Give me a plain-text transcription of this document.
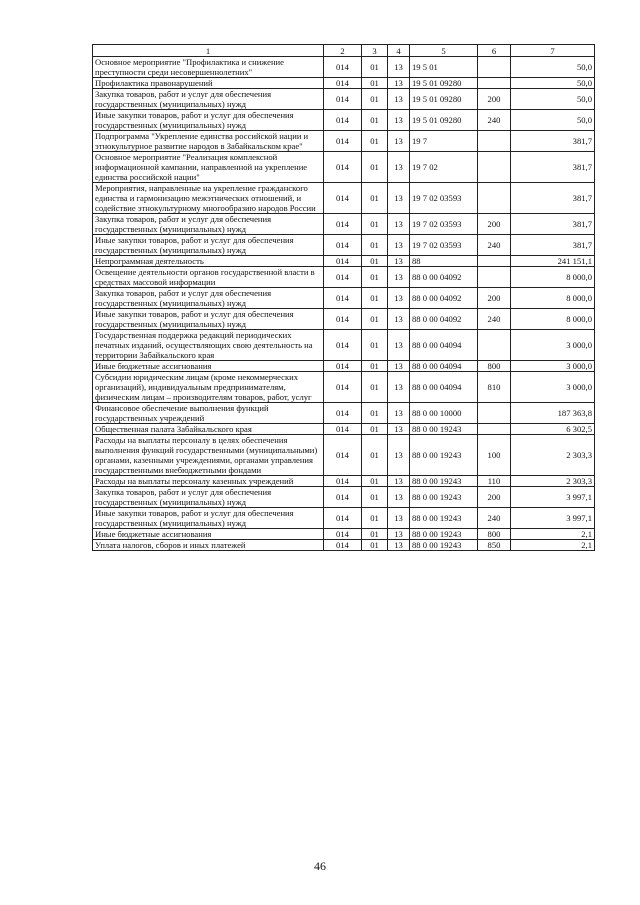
1	2	3	4	5	6	7
Основное мероприятие "Профилактика и снижение преступности среди несовершеннолетних"	014	01	13	19 5 01		50,0
Профилактика правонарушений	014	01	13	19 5 01 09280		50,0
Закупка товаров, работ и услуг для обеспечения государственных (муниципальных) нужд	014	01	13	19 5 01 09280	200	50,0
Иные закупки товаров, работ и услуг для обеспечения государственных (муниципальных) нужд	014	01	13	19 5 01 09280	240	50,0
Подпрограмма "Укрепление единства российской нации и этнокультурное развитие народов в Забайкальском крае"	014	01	13	19 7		381,7
Основное мероприятие "Реализация комплексной информационной кампании, направленной на укрепление единства российской нации"	014	01	13	19 7 02		381,7
Мероприятия, направленные на укрепление гражданского единства и гармонизацию межэтнических отношений, и содействие этнокультурному многообразию народов России	014	01	13	19 7 02 03593		381,7
Закупка товаров, работ и услуг для обеспечения государственных (муниципальных) нужд	014	01	13	19 7 02 03593	200	381,7
Иные закупки товаров, работ и услуг для обеспечения государственных (муниципальных) нужд	014	01	13	19 7 02 03593	240	381,7
Непрограммная деятельность	014	01	13	88		241 151,1
Освещение деятельности органов государственной власти в средствах массовой информации	014	01	13	88 0 00 04092		8 000,0
Закупка товаров, работ и услуг для обеспечения государственных (муниципальных) нужд	014	01	13	88 0 00 04092	200	8 000,0
Иные закупки товаров, работ и услуг для обеспечения государственных (муниципальных) нужд	014	01	13	88 0 00 04092	240	8 000,0
Государственная поддержка редакций периодических печатных изданий, осуществляющих свою деятельность на территории Забайкальского края	014	01	13	88 0 00 04094		3 000,0
Иные бюджетные ассигнования	014	01	13	88 0 00 04094	800	3 000,0
Субсидии юридическим лицам (кроме некоммерческих организаций), индивидуальным предпринимателям, физическим лицам – производителям товаров, работ, услуг	014	01	13	88 0 00 04094	810	3 000,0
Финансовое обеспечение выполнения функций государственных учреждений	014	01	13	88 0 00 10000		187 363,8
Общественная палата Забайкальского края	014	01	13	88 0 00 19243		6 302,5
Расходы на выплаты персоналу в целях обеспечения выполнения функций государственными (муниципальными) органами, казенными учреждениями, органами управления государственными внебюджетными фондами	014	01	13	88 0 00 19243	100	2 303,3
Расходы на выплаты персоналу казенных учреждений	014	01	13	88 0 00 19243	110	2 303,3
Закупка товаров, работ и услуг для обеспечения государственных (муниципальных) нужд	014	01	13	88 0 00 19243	200	3 997,1
Иные закупки товаров, работ и услуг для обеспечения государственных (муниципальных) нужд	014	01	13	88 0 00 19243	240	3 997,1
Иные бюджетные ассигнования	014	01	13	88 0 00 19243	800	2,1
Уплата налогов, сборов и иных платежей	014	01	13	88 0 00 19243	850	2,1
46
